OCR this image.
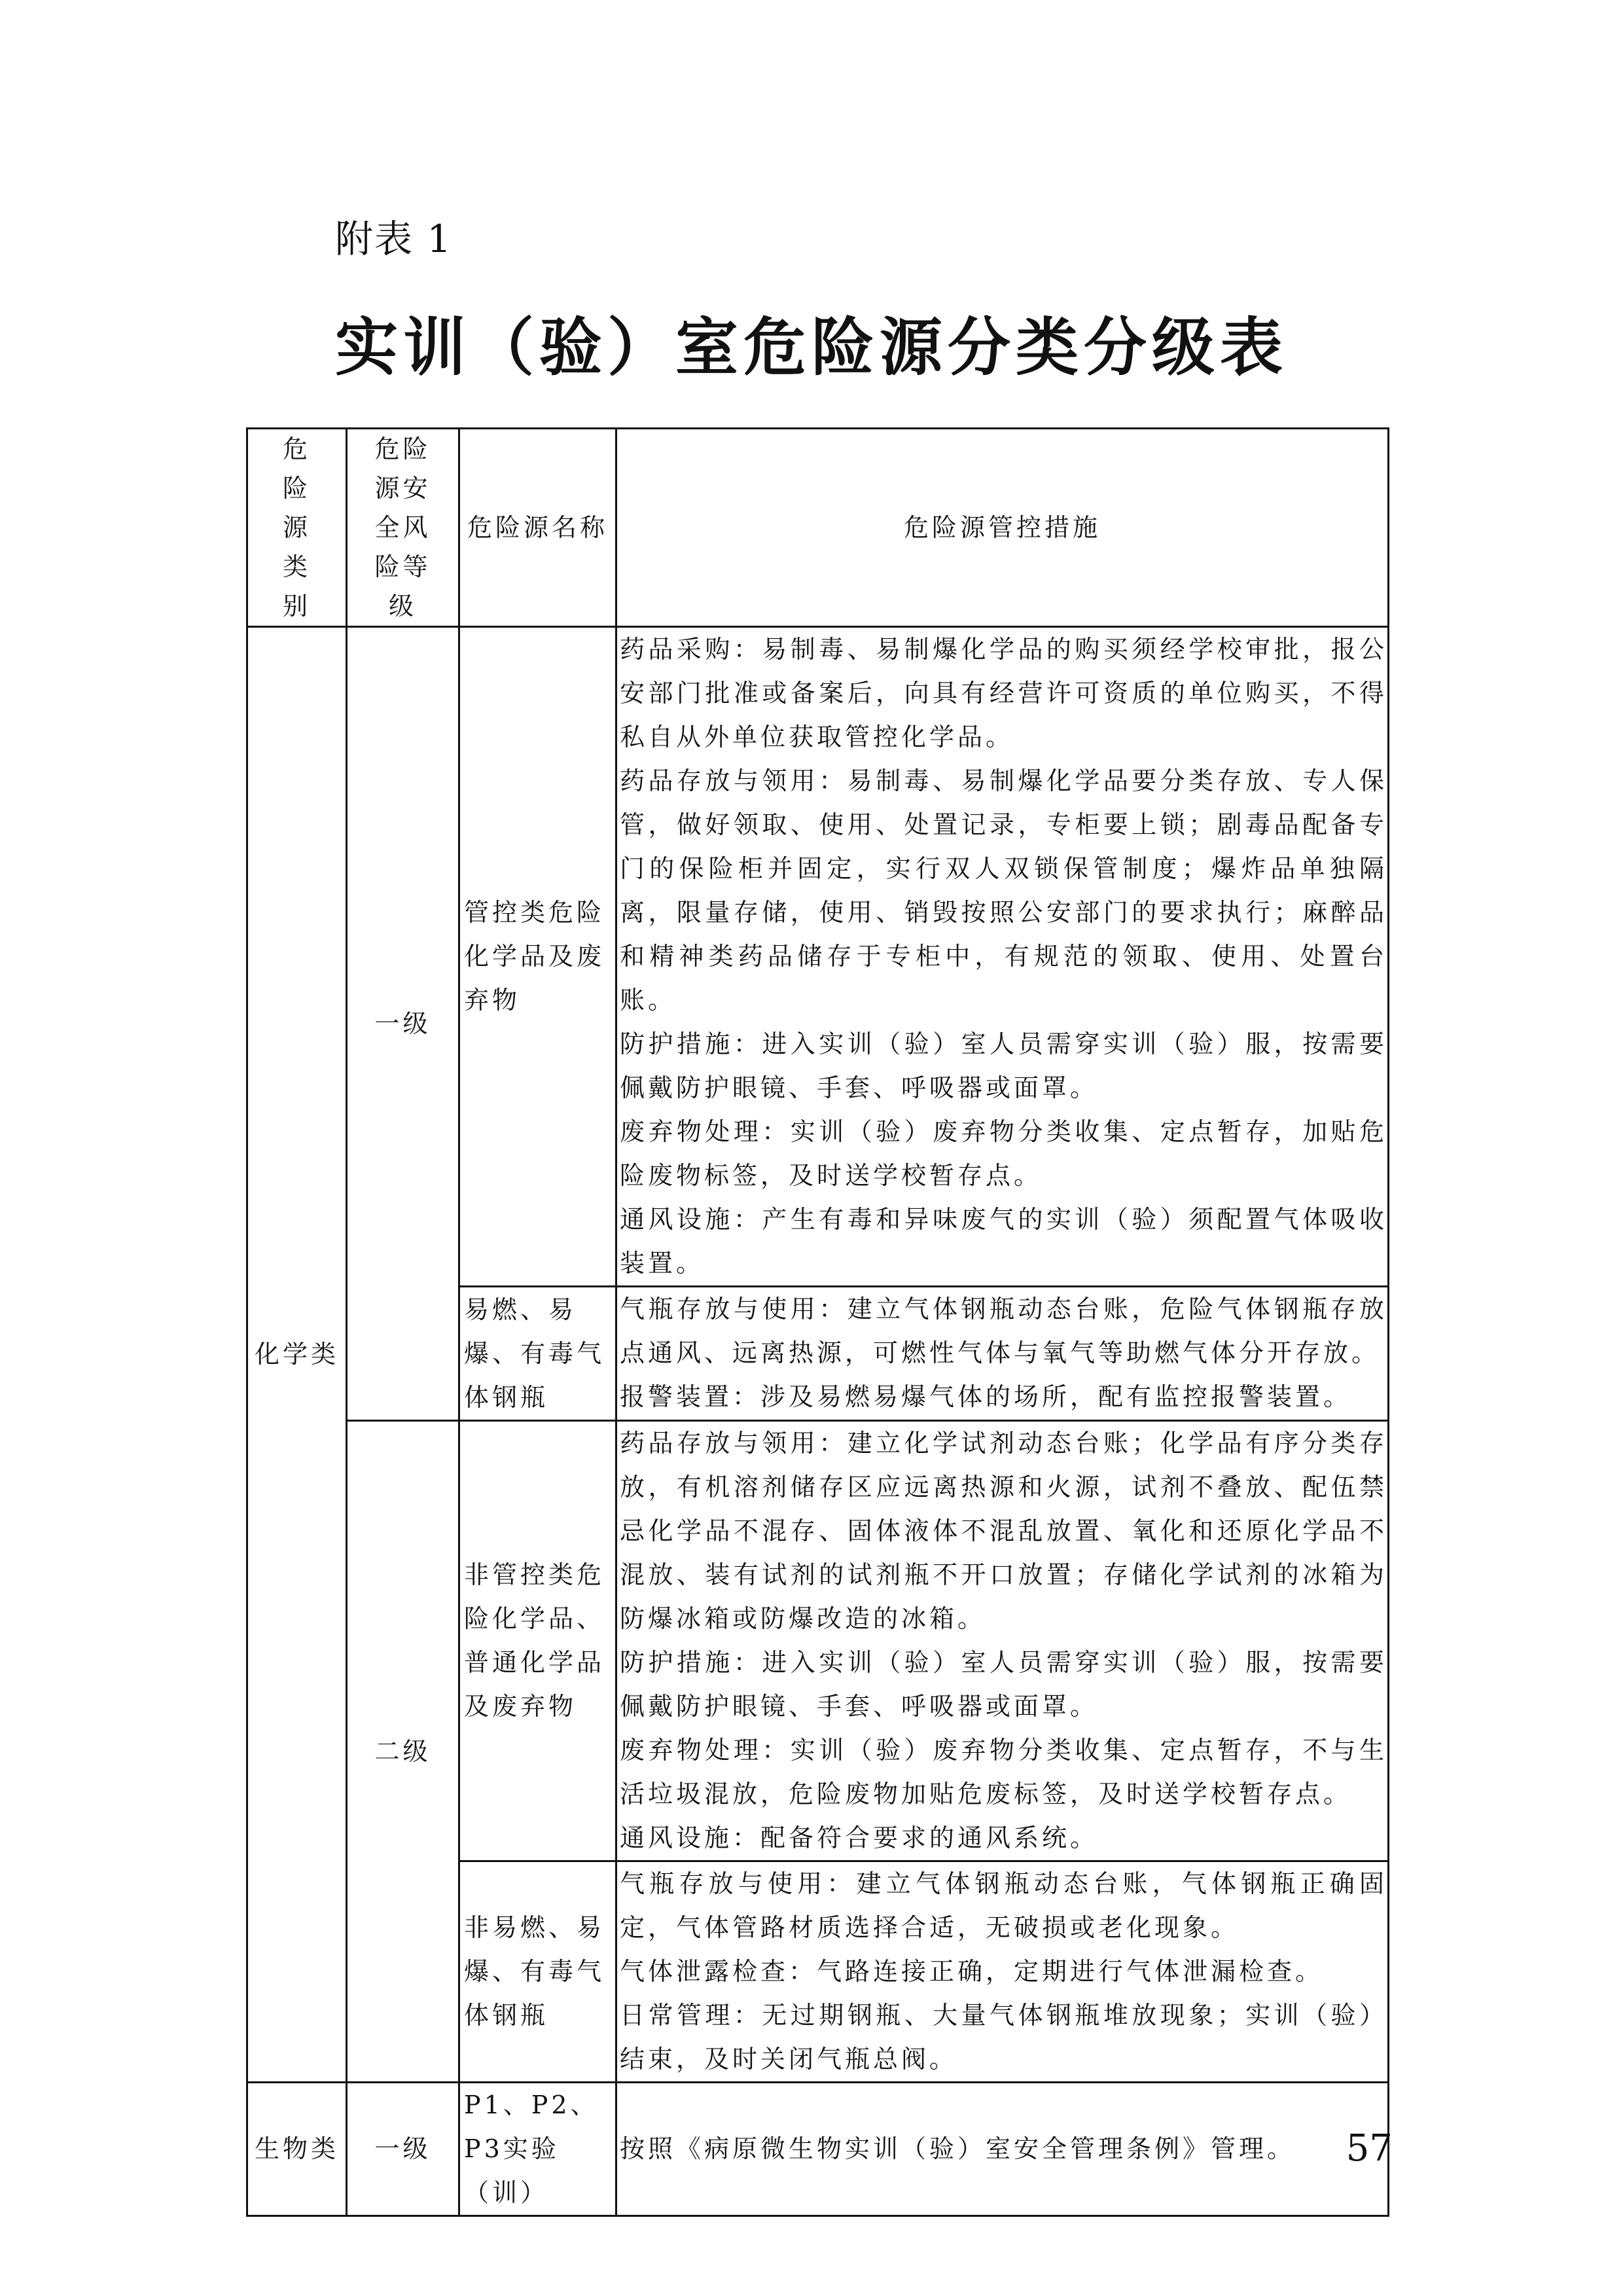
附表 1
实训（验）室危险源分类分级表
危险源类别	危险源安全风险等级	危险源名称	危险源管控措施

化学类	一级	管控类危险化学品及废弃物	药品采购：易制毒、易制爆化学品的购买须经学校审批，报公安部门批准或备案后，向具有经营许可资质的单位购买，不得私自从外单位获取管控化学品。
药品存放与领用：易制毒、易制爆化学品要分类存放、专人保管，做好领取、使用、处置记录，专柜要上锁；剧毒品配备专门的保险柜并固定，实行双人双锁保管制度；爆炸品单独隔离，限量存储，使用、销毁按照公安部门的要求执行；麻醉品和精神类药品储存于专柜中，有规范的领取、使用、处置台账。
防护措施：进入实训（验）室人员需穿实训（验）服，按需要佩戴防护眼镜、手套、呼吸器或面罩。
废弃物处理：实训（验）废弃物分类收集、定点暂存，加贴危险废物标签，及时送学校暂存点。
通风设施：产生有毒和异味废气的实训（验）须配置气体吸收装置。

		易燃、易爆、有毒气体钢瓶	气瓶存放与使用：建立气体钢瓶动态台账，危险气体钢瓶存放点通风、远离热源，可燃性气体与氧气等助燃气体分开存放。
报警装置：涉及易燃易爆气体的场所，配有监控报警装置。

	二级	非管控类危险化学品、普通化学品及废弃物	药品存放与领用：建立化学试剂动态台账；化学品有序分类存放，有机溶剂储存区应远离热源和火源，试剂不叠放、配伍禁忌化学品不混存、固体液体不混乱放置、氧化和还原化学品不混放、装有试剂的试剂瓶不开口放置；存储化学试剂的冰箱为防爆冰箱或防爆改造的冰箱。
防护措施：进入实训（验）室人员需穿实训（验）服，按需要佩戴防护眼镜、手套、呼吸器或面罩。
废弃物处理：实训（验）废弃物分类收集、定点暂存，不与生活垃圾混放，危险废物加贴危废标签，及时送学校暂存点。
通风设施：配备符合要求的通风系统。

		非易燃、易爆、有毒气体钢瓶	气瓶存放与使用：建立气体钢瓶动态台账，气体钢瓶正确固定，气体管路材质选择合适，无破损或老化现象。
气体泄露检查：气路连接正确，定期进行气体泄漏检查。
日常管理：无过期钢瓶、大量气体钢瓶堆放现象；实训（验）结束，及时关闭气瓶总阀。

生物类	一级	P1、P2、P3实验（训）	按照《病原微生物实训（验）室安全管理条例》管理。	57
